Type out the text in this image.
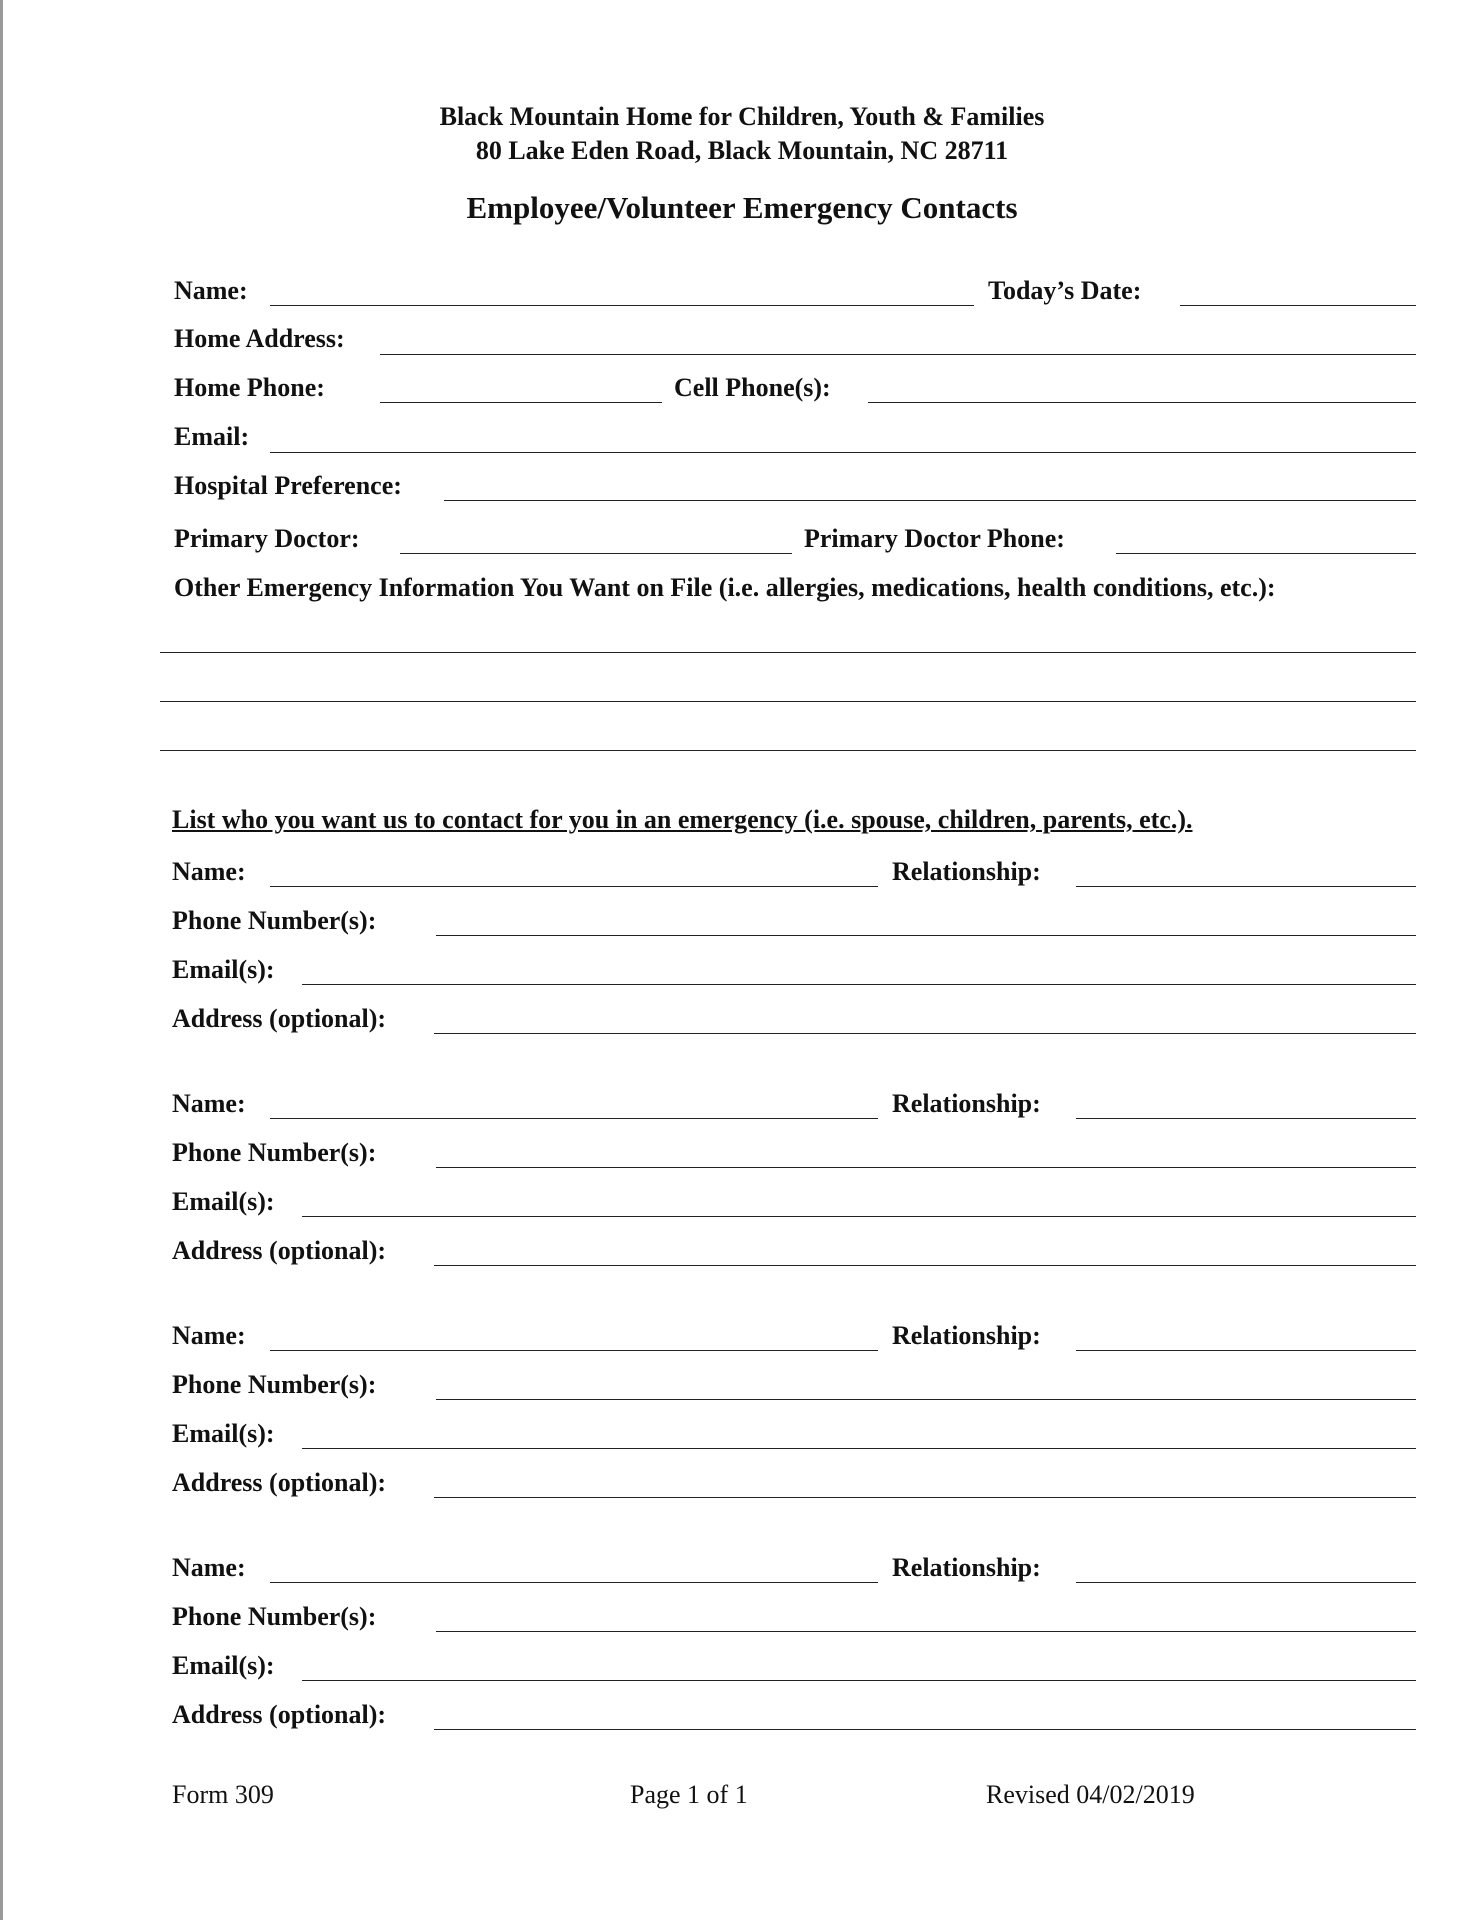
Black Mountain Home for Children, Youth & Families
80 Lake Eden Road, Black Mountain, NC 28711
Employee/Volunteer Emergency Contacts
Name:	Today’s Date:
Home Address:
Home Phone:	Cell Phone(s):
Email:
Hospital Preference:
Primary Doctor:	Primary Doctor Phone:
Other Emergency Information You Want on File (i.e. allergies, medications, health conditions, etc.):
List who you want us to contact for you in an emergency (i.e. spouse, children, parents, etc.).
Name:	Relationship:
Phone Number(s):
Email(s):
Address (optional):
Name:	Relationship:
Phone Number(s):
Email(s):
Address (optional):
Name:	Relationship:
Phone Number(s):
Email(s):
Address (optional):
Name:	Relationship:
Phone Number(s):
Email(s):
Address (optional):
Form 309	Page 1 of 1	Revised 04/02/2019
